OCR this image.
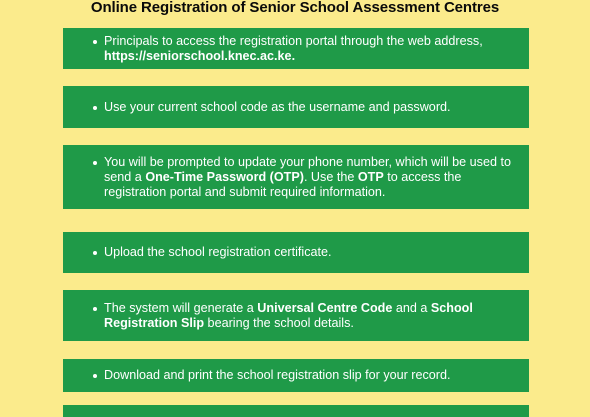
Online Registration of Senior School Assessment Centres
Principals to access the registration portal through the web address, https://seniorschool.knec.ac.ke.
Use your current school code as the username and password.
You will be prompted to update your phone number, which will be used to send a One-Time Password (OTP). Use the OTP to access the registration portal and submit required information.
Upload the school registration certificate.
The system will generate a Universal Centre Code and a School Registration Slip bearing the school details.
Download and print the school registration slip for your record.
